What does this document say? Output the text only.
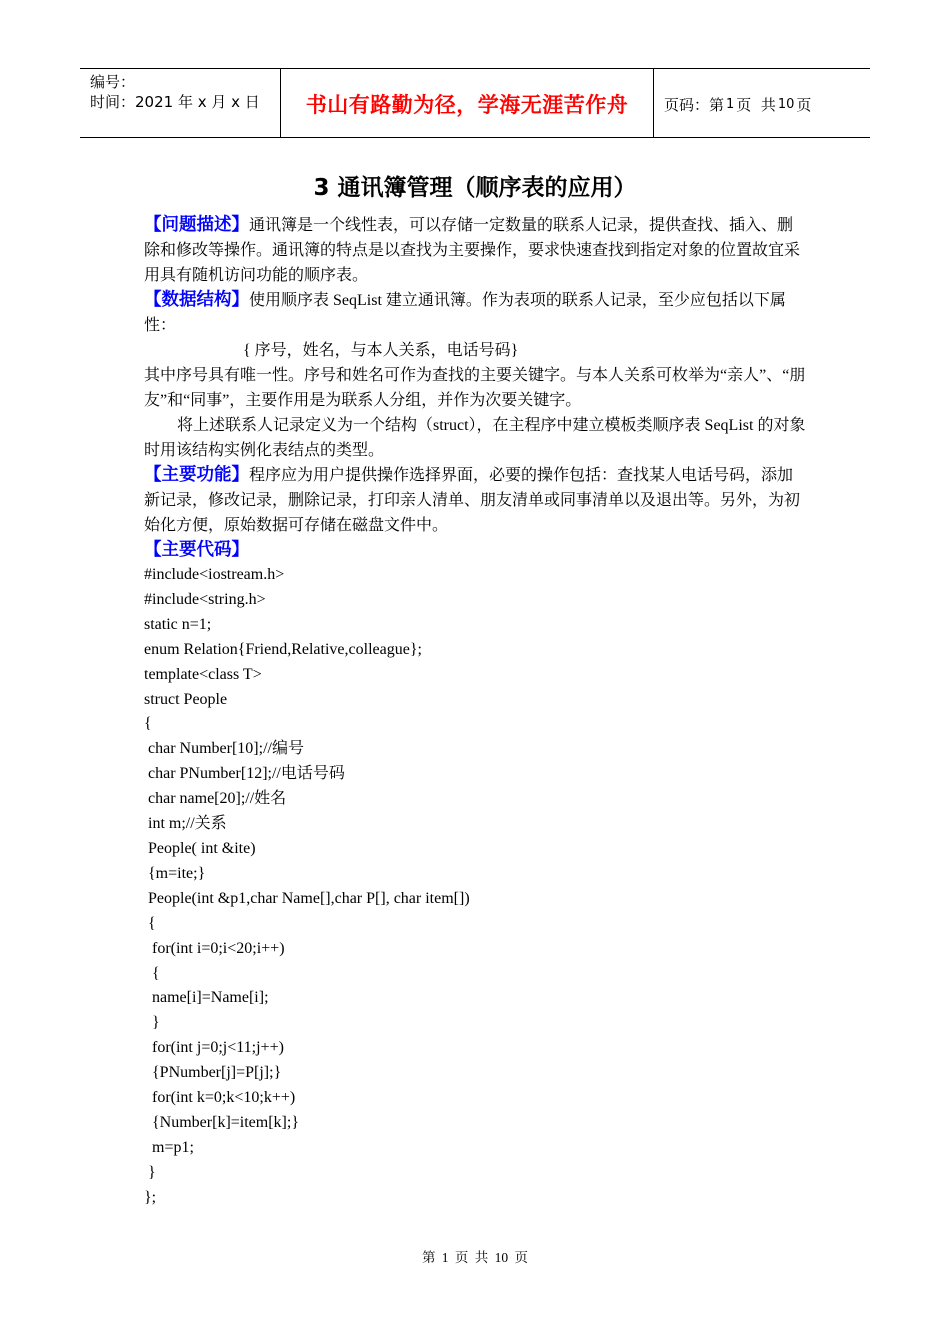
编号：
时间：2021 年 x 月 x 日	书山有路勤为径，学海无涯苦作舟 页码：第 1 页  共 10 页
3 通讯簿管理（顺序表的应用）

【问题描述】通讯簿是一个线性表，可以存储一定数量的联系人记录，提供查找、插入、删除和修改等操作。通讯簿的特点是以查找为主要操作，要求快速查找到指定对象的位置故宜采用具有随机访问功能的顺序表。

【数据结构】使用顺序表 SeqList 建立通讯簿。作为表项的联系人记录，至少应包括以下属性：

{ 序号，姓名，与本人关系，电话号码}

其中序号具有唯一性。序号和姓名可作为查找的主要关键字。与本人关系可枚举为“亲人”、“朋友”和“同事”，主要作用是为联系人分组，并作为次要关键字。

将上述联系人记录定义为一个结构（struct），在主程序中建立模板类顺序表 SeqList 的对象时用该结构实例化表结点的类型。

【主要功能】程序应为用户提供操作选择界面，必要的操作包括：查找某人电话号码，添加新记录，修改记录，删除记录，打印亲人清单、朋友清单或同事清单以及退出等。另外，为初始化方便，原始数据可存储在磁盘文件中。

【主要代码】

#include<iostream.h>
#include<string.h>
static n=1;
enum Relation{Friend,Relative,colleague};
template<class T>
struct People
{
char Number[10];//编号
char PNumber[12];//电话号码
char name[20];//姓名
int m;//关系
People( int &ite)
{m=ite;}
People(int &p1,char Name[],char P[], char item[])
{
for(int i=0;i<20;i++)
{
name[i]=Name[i];
}
for(int j=0;j<11;j++)
{PNumber[j]=P[j];}
for(int k=0;k<10;k++)
{Number[k]=item[k];}
m=p1;
}
};
第 1 页 共 10 页
